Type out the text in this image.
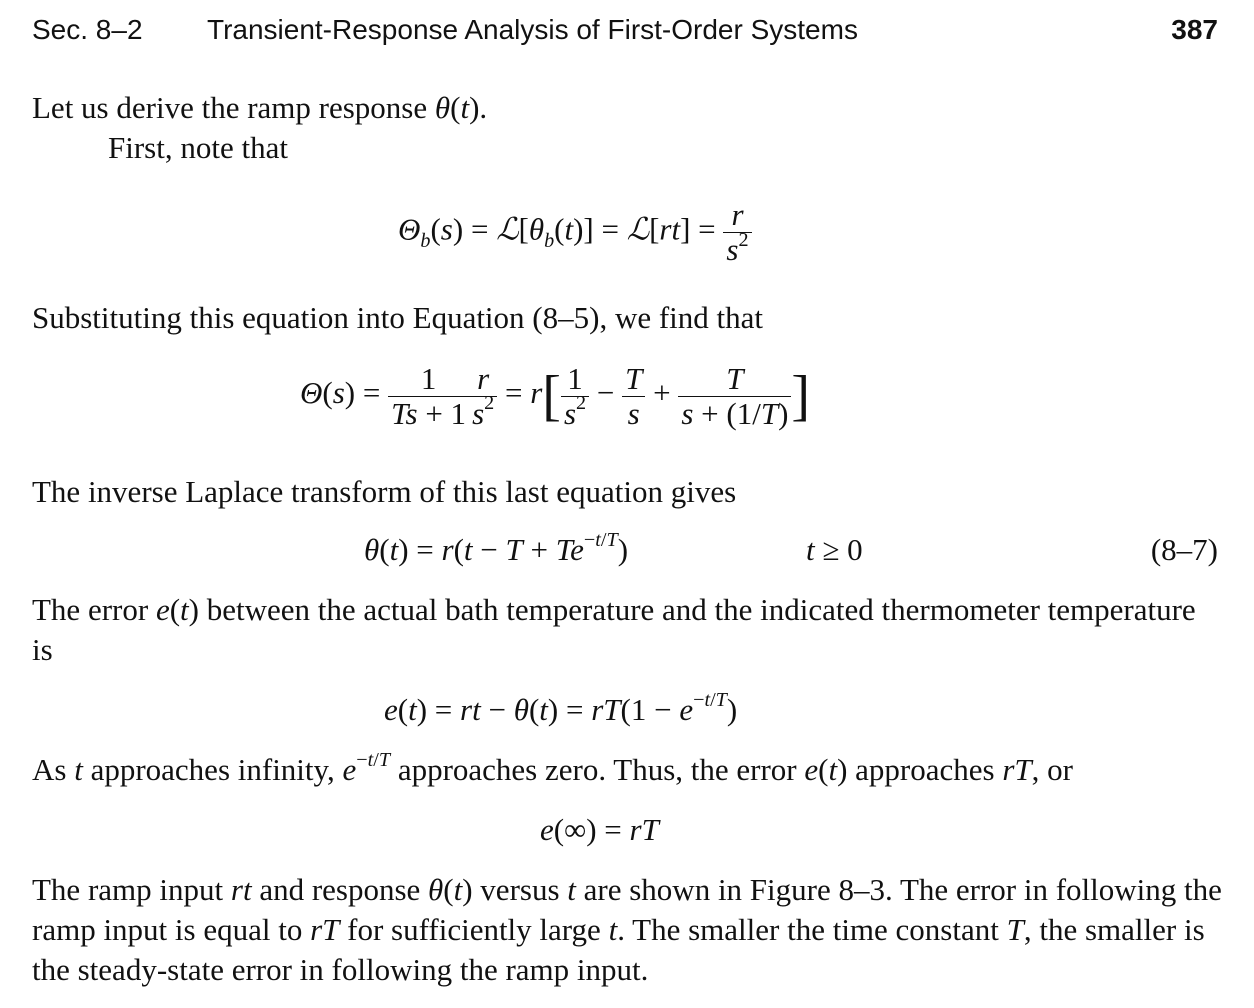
Sec. 8–2 Transient-Response Analysis of First-Order Systems	387
Let us derive the ramp response θ(t).
First, note that
$\Theta_b(s)$ = $ℒ[\theta_b(t)]$ = ℒ[rt] = $\frac{r}{s^2}$
Substituting this equation into Equation (8–5), we find that
$\Theta(s) = \frac{1}{Ts + 1} \frac{r}{s^2} = r[ \frac{1}{s^2} - \frac{T}{s} + \frac{T}{s + (1/T)}$ ]
The inverse Laplace transform of this last equation gives
$\theta(t) = r(t - T + Te^{-t/T})$	t ≥ 0	(8–7)
The error e(t) between the actual bath temperature and the indicated thermometer temperature is
e(t) = rt − $\theta(t) = rT(1 - e^{-t/T})$
As t approaches infinity, $e^{-t/T}$ approaches zero. Thus, the error e(t) approaches rT, or
e(∞) = rT
The ramp input rt and response θ(t) versus t are shown in Figure 8–3. The error in following the ramp input is equal to rT for sufficiently large t. The smaller the time constant T, the smaller is the steady-state error in following the ramp input.
